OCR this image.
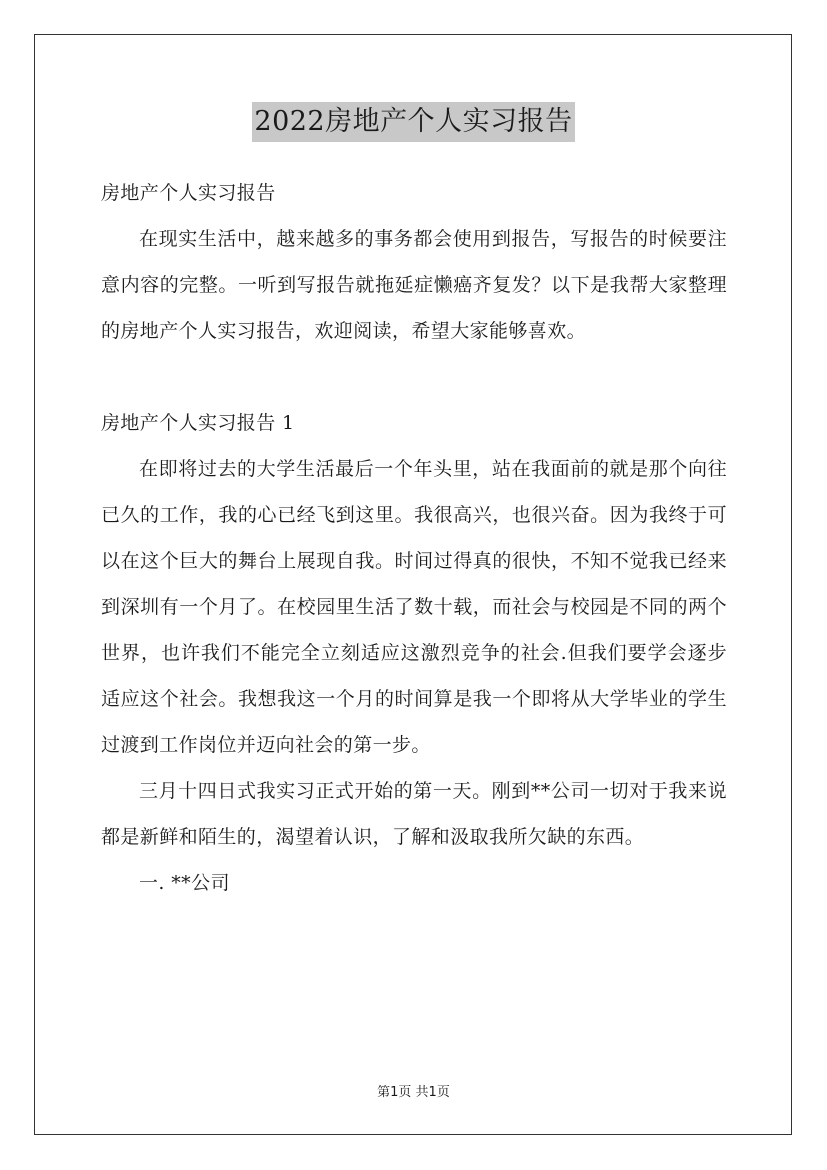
2022房地产个人实习报告

房地产个人实习报告

在现实生活中，越来越多的事务都会使用到报告，写报告的时候要注意内容的完整。一听到写报告就拖延症懒癌齐复发？以下是我帮大家整理的房地产个人实习报告，欢迎阅读，希望大家能够喜欢。

房地产个人实习报告 1

在即将过去的大学生活最后一个年头里，站在我面前的就是那个向往已久的工作，我的心已经飞到这里。我很高兴，也很兴奋。因为我终于可以在这个巨大的舞台上展现自我。时间过得真的很快，不知不觉我已经来到深圳有一个月了。在校园里生活了数十载，而社会与校园是不同的两个世界，也许我们不能完全立刻适应这激烈竞争的社会.但我们要学会逐步适应这个社会。我想我这一个月的时间算是我一个即将从大学毕业的学生过渡到工作岗位并迈向社会的第一步。

三月十四日式我实习正式开始的第一天。刚到**公司一切对于我来说都是新鲜和陌生的，渴望着认识，了解和汲取我所欠缺的东西。

一. **公司

第1页 共1页
